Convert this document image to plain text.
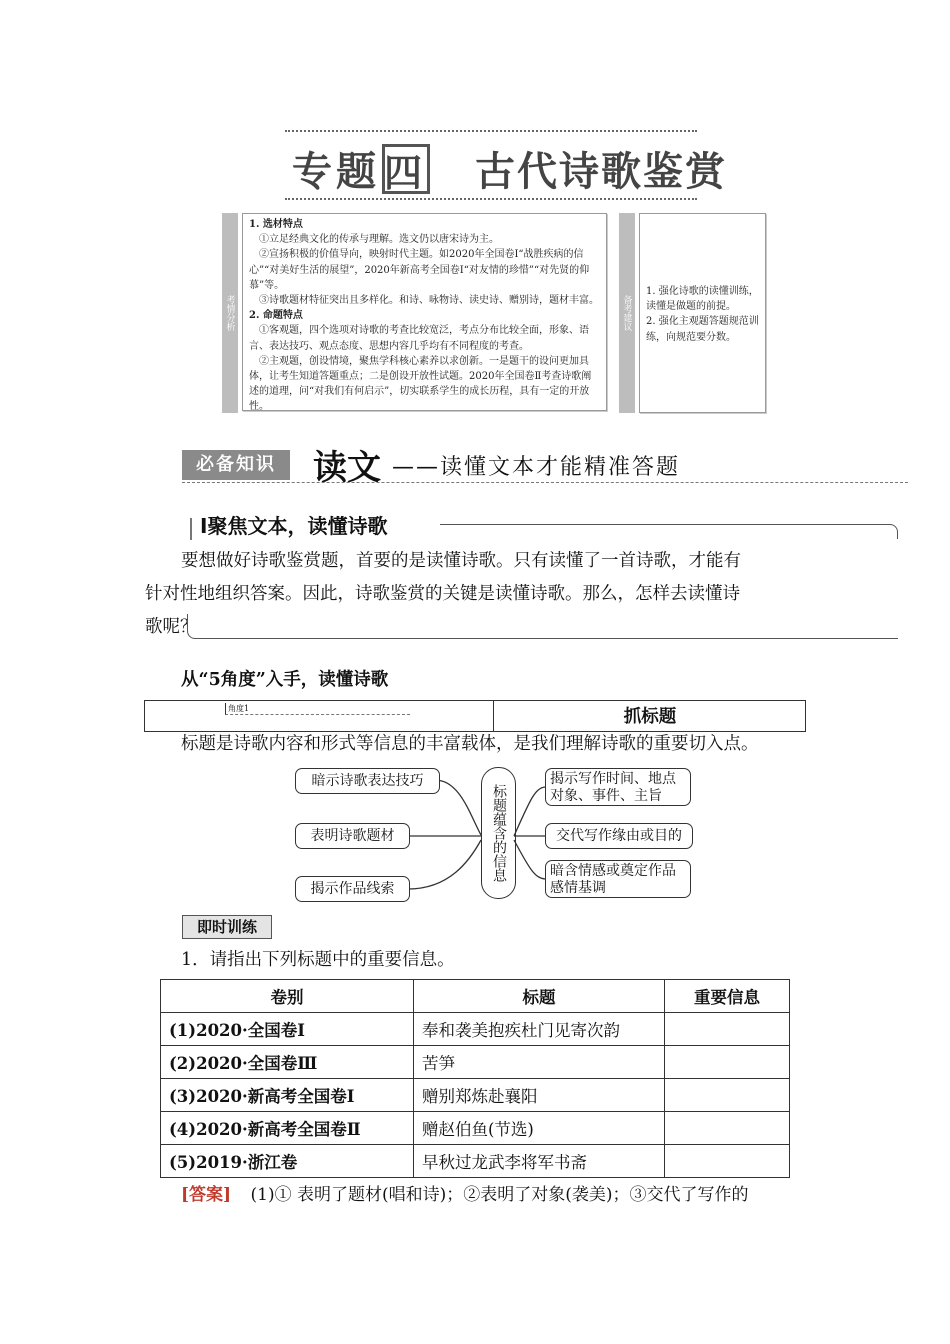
专题 四 古代诗歌鉴赏
考情分析

1. 选材特点

①立足经典文化的传承与理解。选文仍以唐宋诗为主。

②宣扬积极的价值导向，映射时代主题。如2020年全国卷Ⅰ“战胜疾病的信心”“对美好生活的展望”，2020年新高考全国卷Ⅰ“对友情的珍惜”“对先贤的仰慕”等。

③诗歌题材特征突出且多样化。和诗、咏物诗、读史诗、赠别诗，题材丰富。

2. 命题特点

①客观题，四个选项对诗歌的考查比较宽泛，考点分布比较全面，形象、语言、表达技巧、观点态度、思想内容几乎均有不同程度的考查。

②主观题，创设情境，聚焦学科核心素养以求创新。一是题干的设问更加具体，让考生知道答题重点；二是创设开放性试题。2020年全国卷Ⅱ考查诗歌阐述的道理，问“对我们有何启示”，切实联系学生的成长历程，具有一定的开放性。

备考建议

1. 强化诗歌的读懂训练，读懂是做题的前提。

2. 强化主观题答题规范训练，向规范要分数。

必备知识	读文 ——读懂文本才能精准答题
Ⅰ聚焦文本，读懂诗歌
要想做好诗歌鉴赏题，首要的是读懂诗歌。只有读懂了一首诗歌，才能有
针对性地组织答案。因此，诗歌鉴赏的关键是读懂诗歌。那么，怎样去读懂诗
歌呢？
从“5角度”入手，读懂诗歌
角度1	抓标题
标题是诗歌内容和形式等信息的丰富载体，是我们理解诗歌的重要切入点。
暗示诗歌表达技巧
表明诗歌题材
揭示作品线索
标题蕴含的信息
揭示写作时间、地点对象、事件、主旨
交代写作缘由或目的
暗含情感或奠定作品感情基调
即时训练
1．请指出下列标题中的重要信息。
卷别	标题	重要信息
(1)2020·全国卷Ⅰ	奉和袭美抱疾杜门见寄次韵	
(2)2020·全国卷Ⅲ	苦笋	
(3)2020·新高考全国卷Ⅰ	赠别郑炼赴襄阳	
(4)2020·新高考全国卷Ⅱ	赠赵伯鱼(节选)	
(5)2019·浙江卷	早秋过龙武李将军书斋	
[答案] (1)① 表明了题材(唱和诗)；②表明了对象(袭美)；③交代了写作的
